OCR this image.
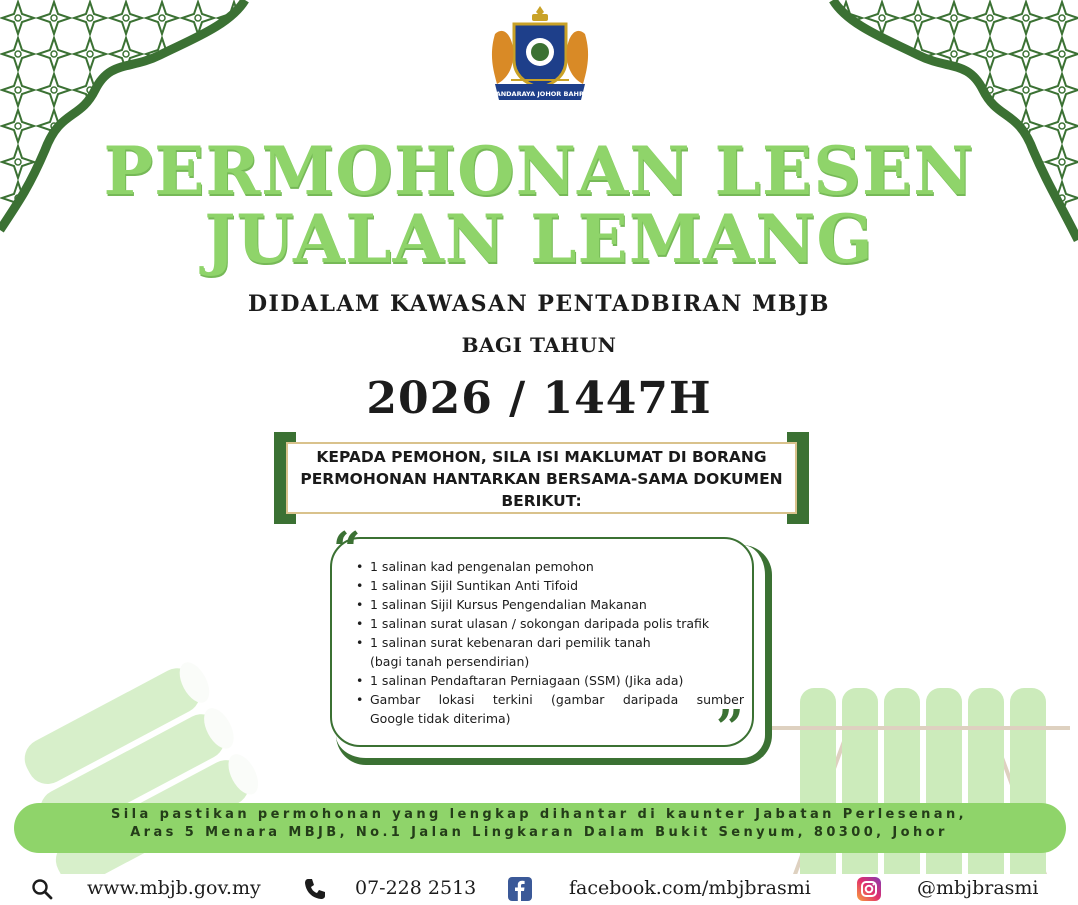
BANDARAYA JOHOR BAHRU
PERMOHONAN LESEN
JUALAN LEMANG
DIDALAM KAWASAN PENTADBIRAN MBJB
BAGI TAHUN
2026 / 1447H
KEPADA PEMOHON, SILA ISI MAKLUMAT DI BORANG
PERMOHONAN HANTARKAN BERSAMA-SAMA DOKUMEN
BERIKUT:
“
”
• 1 salinan kad pengenalan pemohon
• 1 salinan Sijil Suntikan Anti Tifoid
• 1 salinan Sijil Kursus Pengendalian Makanan
• 1 salinan surat ulasan / sokongan daripada polis trafik
• 1 salinan surat kebenaran dari pemilik tanah
(bagi tanah persendirian)
• 1 salinan Pendaftaran Perniagaan (SSM) (Jika ada)
• Gambar lokasi terkini (gambar daripada sumber
Google tidak diterima)
Sila pastikan permohonan yang lengkap dihantar di kaunter Jabatan Perlesenan,
Aras 5 Menara MBJB, No.1 Jalan Lingkaran Dalam Bukit Senyum, 80300, Johor
www.mbjb.gov.my	07-228 2513	facebook.com/mbjbrasmi	@mbjbrasmi
